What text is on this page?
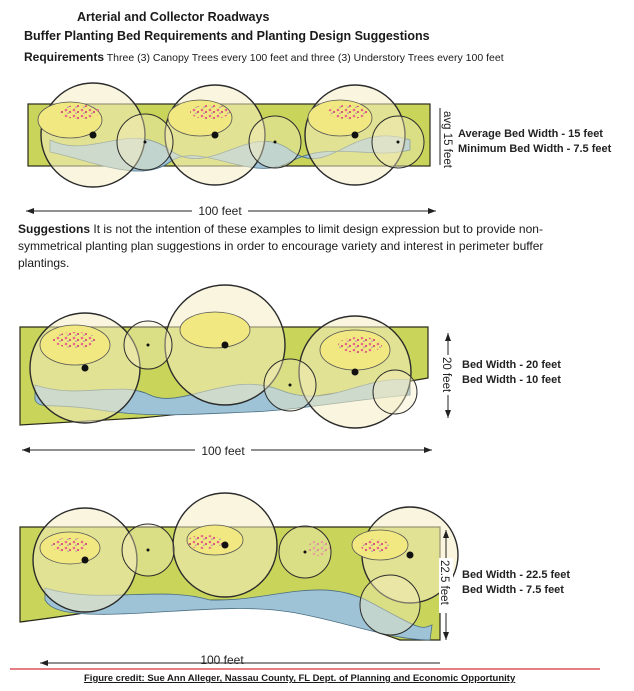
Arterial and Collector Roadways
Buffer Planting Bed Requirements and Planting Design Suggestions
Requirements Three (3) Canopy Trees every 100 feet and three (3) Understory Trees every 100 feet
Suggestions It is not the intention of these examples to limit design expression but to provide non-symmetrical planting plan suggestions in order to encourage variety and interest in perimeter buffer plantings.
Average Bed Width - 15 feet
Minimum Bed Width - 7.5 feet
Bed Width - 20 feet
Bed Width - 10 feet
Bed Width - 22.5 feet
Bed Width - 7.5 feet
Figure credit: Sue Ann Alleger, Nassau County, FL Dept. of Planning and Economic Opportunity
avg 15 feet
100 feet
20 feet
100 feet
22.5 feet
100 feet
